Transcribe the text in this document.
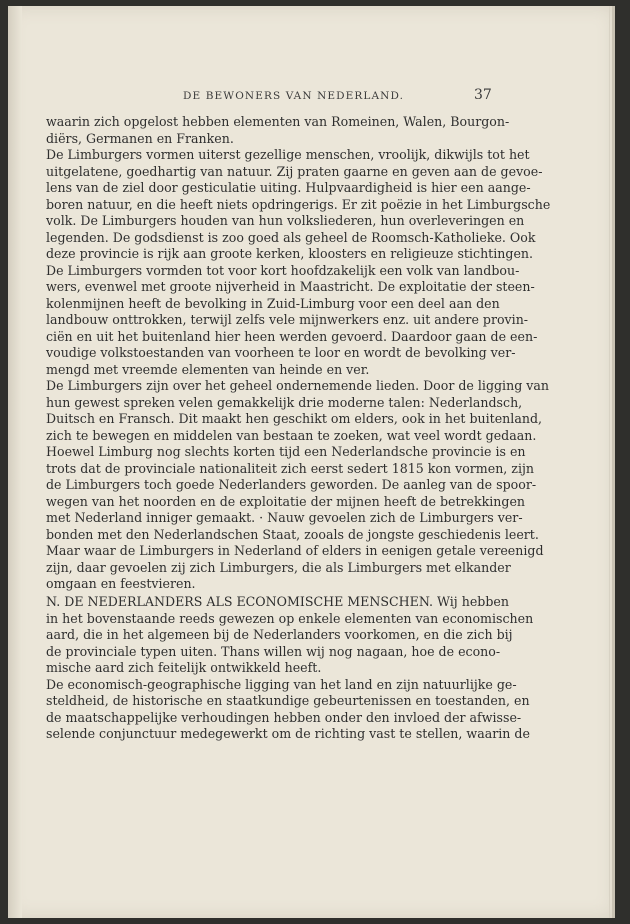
DE BEWONERS VAN NEDERLAND.	37
waarin zich opgelost hebben elementen van Romeinen, Walen, Bourgon-
diërs, Germanen en Franken.
De Limburgers vormen uiterst gezellige menschen, vroolijk, dikwijls tot het
uitgelatene, goedhartig van natuur. Zij praten gaarne en geven aan de gevoe-
lens van de ziel door gesticulatie uiting. Hulpvaardigheid is hier een aange-
boren natuur, en die heeft niets opdringerigs. Er zit poëzie in het Limburgsche
volk. De Limburgers houden van hun volksliederen, hun overleveringen en
legenden. De godsdienst is zoo goed als geheel de Roomsch-Katholieke. Ook
deze provincie is rijk aan groote kerken, kloosters en religieuze stichtingen.
De Limburgers vormden tot voor kort hoofdzakelijk een volk van landbou-
wers, evenwel met groote nijverheid in Maastricht. De exploitatie der steen-
kolenmijnen heeft de bevolking in Zuid-Limburg voor een deel aan den
landbouw onttrokken, terwijl zelfs vele mijnwerkers enz. uit andere provin-
ciën en uit het buitenland hier heen werden gevoerd. Daardoor gaan de een-
voudige volkstoestanden van voorheen te loor en wordt de bevolking ver-
mengd met vreemde elementen van heinde en ver.
De Limburgers zijn over het geheel ondernemende lieden. Door de ligging van
hun gewest spreken velen gemakkelijk drie moderne talen: Nederlandsch,
Duitsch en Fransch. Dit maakt hen geschikt om elders, ook in het buitenland,
zich te bewegen en middelen van bestaan te zoeken, wat veel wordt gedaan.
Hoewel Limburg nog slechts korten tijd een Nederlandsche provincie is en
trots dat de provinciale nationaliteit zich eerst sedert 1815 kon vormen, zijn
de Limburgers toch goede Nederlanders geworden. De aanleg van de spoor-
wegen van het noorden en de exploitatie der mijnen heeft de betrekkingen
met Nederland inniger gemaakt. · Nauw gevoelen zich de Limburgers ver-
bonden met den Nederlandschen Staat, zooals de jongste geschiedenis leert.
Maar waar de Limburgers in Nederland of elders in eenigen getale vereenigd
zijn, daar gevoelen zij zich Limburgers, die als Limburgers met elkander
omgaan en feestvieren.
N. DE NEDERLANDERS ALS ECONOMISCHE MENSCHEN. Wij hebben
in het bovenstaande reeds gewezen op enkele elementen van economischen
aard, die in het algemeen bij de Nederlanders voorkomen, en die zich bij
de provinciale typen uiten. Thans willen wij nog nagaan, hoe de econo-
mische aard zich feitelijk ontwikkeld heeft.
De economisch-geographische ligging van het land en zijn natuurlijke ge-
steldheid, de historische en staatkundige gebeurtenissen en toestanden, en
de maatschappelijke verhoudingen hebben onder den invloed der afwisse-
selende conjunctuur medegewerkt om de richting vast te stellen, waarin de
